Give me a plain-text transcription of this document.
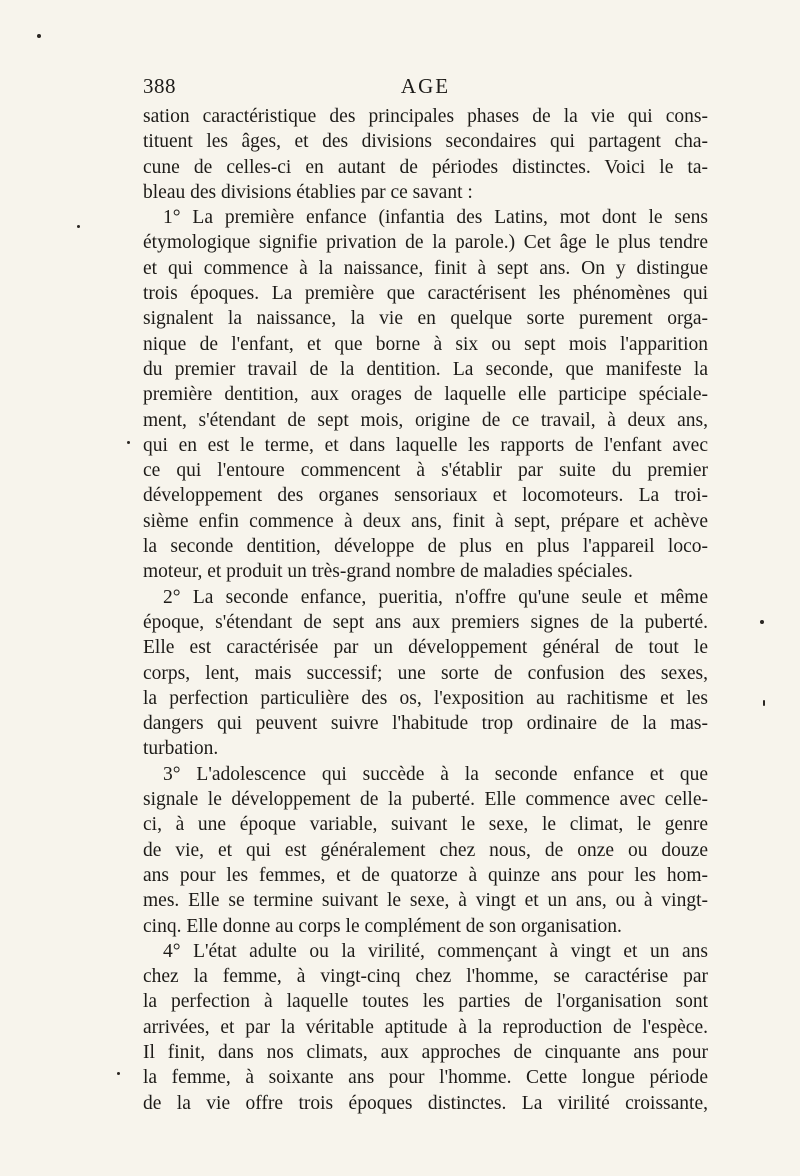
388	AGE
sation caractéristique des principales phases de la vie qui cons-
tituent les âges, et des divisions secondaires qui partagent cha-
cune de celles-ci en autant de périodes distinctes. Voici le ta-
bleau des divisions établies par ce savant :
1° La première enfance (infantia des Latins, mot dont le sens
étymologique signifie privation de la parole.) Cet âge le plus tendre
et qui commence à la naissance, finit à sept ans. On y distingue
trois époques. La première que caractérisent les phénomènes qui
signalent la naissance, la vie en quelque sorte purement orga-
nique de l'enfant, et que borne à six ou sept mois l'apparition
du premier travail de la dentition. La seconde, que manifeste la
première dentition, aux orages de laquelle elle participe spéciale-
ment, s'étendant de sept mois, origine de ce travail, à deux ans,
qui en est le terme, et dans laquelle les rapports de l'enfant avec
ce qui l'entoure commencent à s'établir par suite du premier
développement des organes sensoriaux et locomoteurs. La troi-
sième enfin commence à deux ans, finit à sept, prépare et achève
la seconde dentition, développe de plus en plus l'appareil loco-
moteur, et produit un très-grand nombre de maladies spéciales.
2° La seconde enfance, pueritia, n'offre qu'une seule et même
époque, s'étendant de sept ans aux premiers signes de la puberté.
Elle est caractérisée par un développement général de tout le
corps, lent, mais successif; une sorte de confusion des sexes,
la perfection particulière des os, l'exposition au rachitisme et les
dangers qui peuvent suivre l'habitude trop ordinaire de la mas-
turbation.
3° L'adolescence qui succède à la seconde enfance et que
signale le développement de la puberté. Elle commence avec celle-
ci, à une époque variable, suivant le sexe, le climat, le genre
de vie, et qui est généralement chez nous, de onze ou douze
ans pour les femmes, et de quatorze à quinze ans pour les hom-
mes. Elle se termine suivant le sexe, à vingt et un ans, ou à vingt-
cinq. Elle donne au corps le complément de son organisation.
4° L'état adulte ou la virilité, commençant à vingt et un ans
chez la femme, à vingt-cinq chez l'homme, se caractérise par
la perfection à laquelle toutes les parties de l'organisation sont
arrivées, et par la véritable aptitude à la reproduction de l'espèce.
Il finit, dans nos climats, aux approches de cinquante ans pour
la femme, à soixante ans pour l'homme. Cette longue période
de la vie offre trois époques distinctes. La virilité croissante,
